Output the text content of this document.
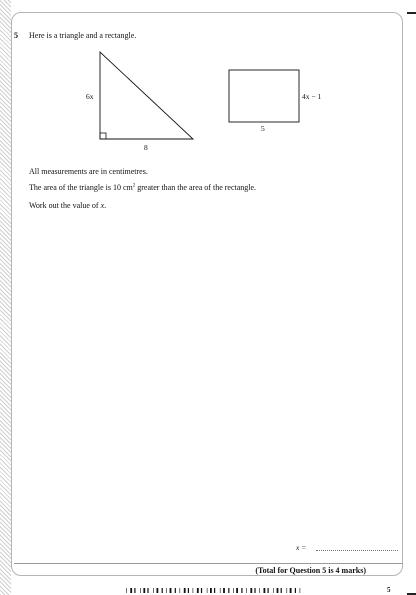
5 Here is a triangle and a rectangle.
6x
8
4x − 1
5
All measurements are in centimetres.
The area of the triangle is 10 $cm^2$ greater than the area of the rectangle.
Work out the value of x.
x =
(Total for Question 5 is 4 marks)
5
